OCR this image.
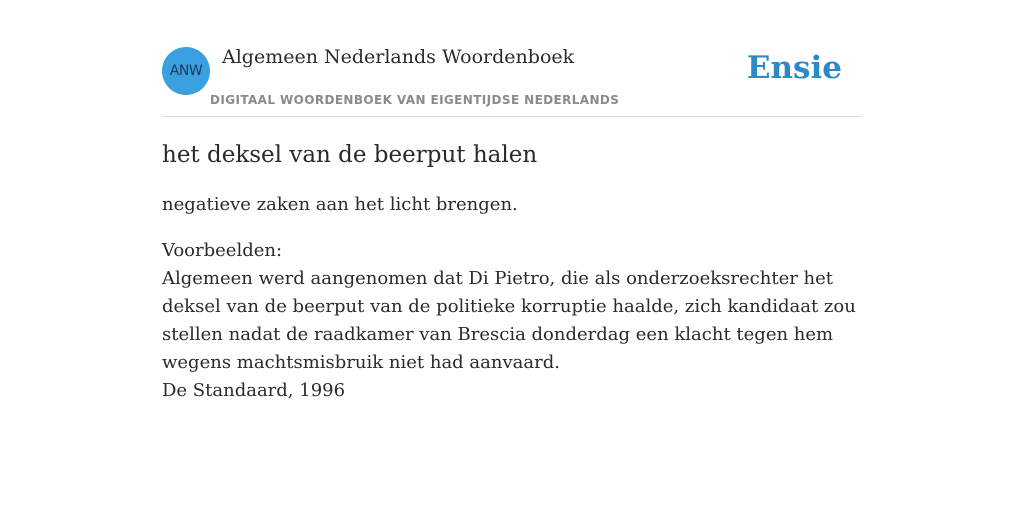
ANW
Algemeen Nederlands Woordenboek
DIGITAAL WOORDENBOEK VAN EIGENTIJDSE NEDERLANDS
Ensie
het deksel van de beerput halen

negatieve zaken aan het licht brengen.

Voorbeelden:
Algemeen werd aangenomen dat Di Pietro, die als onderzoeksrechter het deksel van de beerput van de politieke korruptie haalde, zich kandidaat zou stellen nadat de raadkamer van Brescia donderdag een klacht tegen hem wegens machtsmisbruik niet had aanvaard.
De Standaard, 1996
